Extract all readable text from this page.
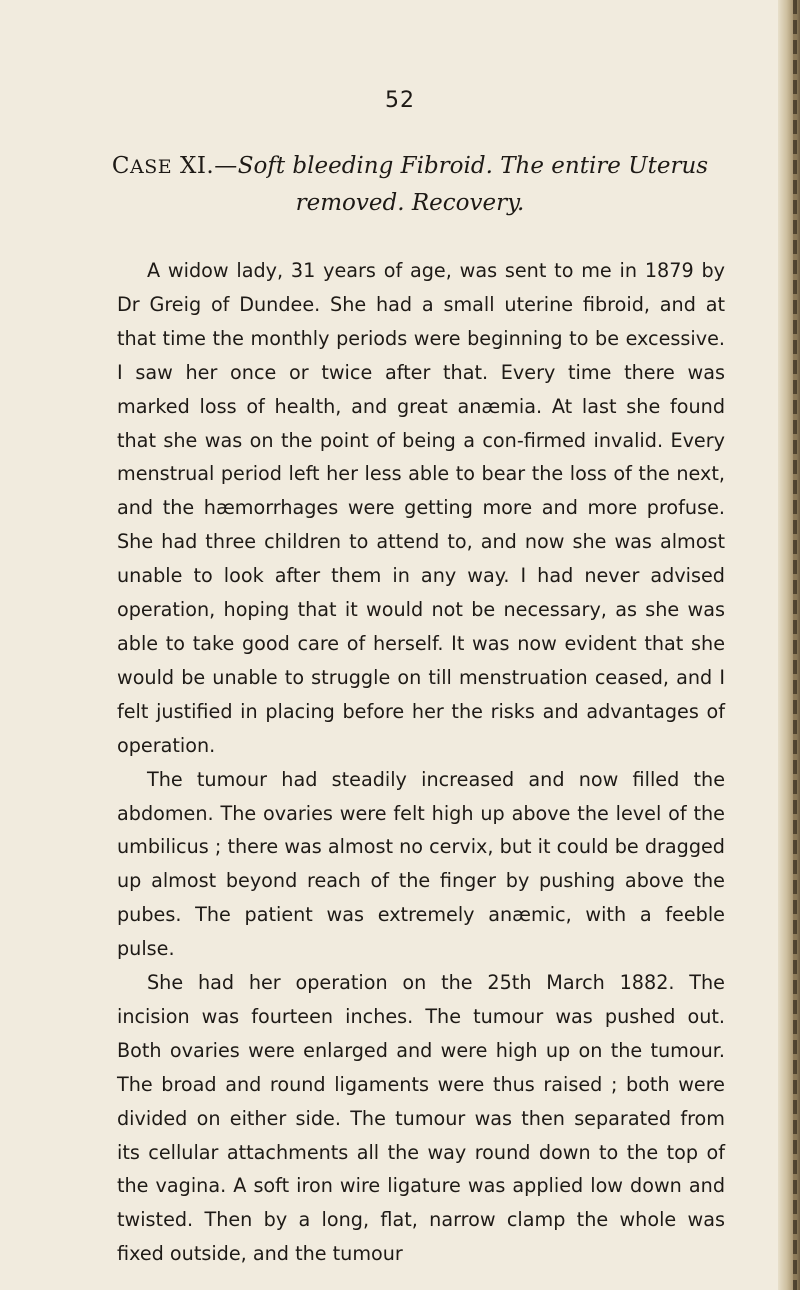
52
CASE XI.—Soft bleeding Fibroid. The entire Uterus removed. Recovery.

A widow lady, 31 years of age, was sent to me in 1879 by Dr Greig of Dundee. She had a small uterine fibroid, and at that time the monthly periods were beginning to be excessive. I saw her once or twice after that. Every time there was marked loss of health, and great anæmia. At last she found that she was on the point of being a con-firmed invalid. Every menstrual period left her less able to bear the loss of the next, and the hæmorrhages were getting more and more profuse. She had three children to attend to, and now she was almost unable to look after them in any way. I had never advised operation, hoping that it would not be necessary, as she was able to take good care of herself. It was now evident that she would be unable to struggle on till menstruation ceased, and I felt justified in placing before her the risks and advantages of operation.

The tumour had steadily increased and now filled the abdomen. The ovaries were felt high up above the level of the umbilicus ; there was almost no cervix, but it could be dragged up almost beyond reach of the finger by pushing above the pubes. The patient was extremely anæmic, with a feeble pulse.

She had her operation on the 25th March 1882. The incision was fourteen inches. The tumour was pushed out. Both ovaries were enlarged and were high up on the tumour. The broad and round ligaments were thus raised ; both were divided on either side. The tumour was then separated from its cellular attachments all the way round down to the top of the vagina. A soft iron wire ligature was applied low down and twisted. Then by a long, flat, narrow clamp the whole was fixed outside, and the tumour
